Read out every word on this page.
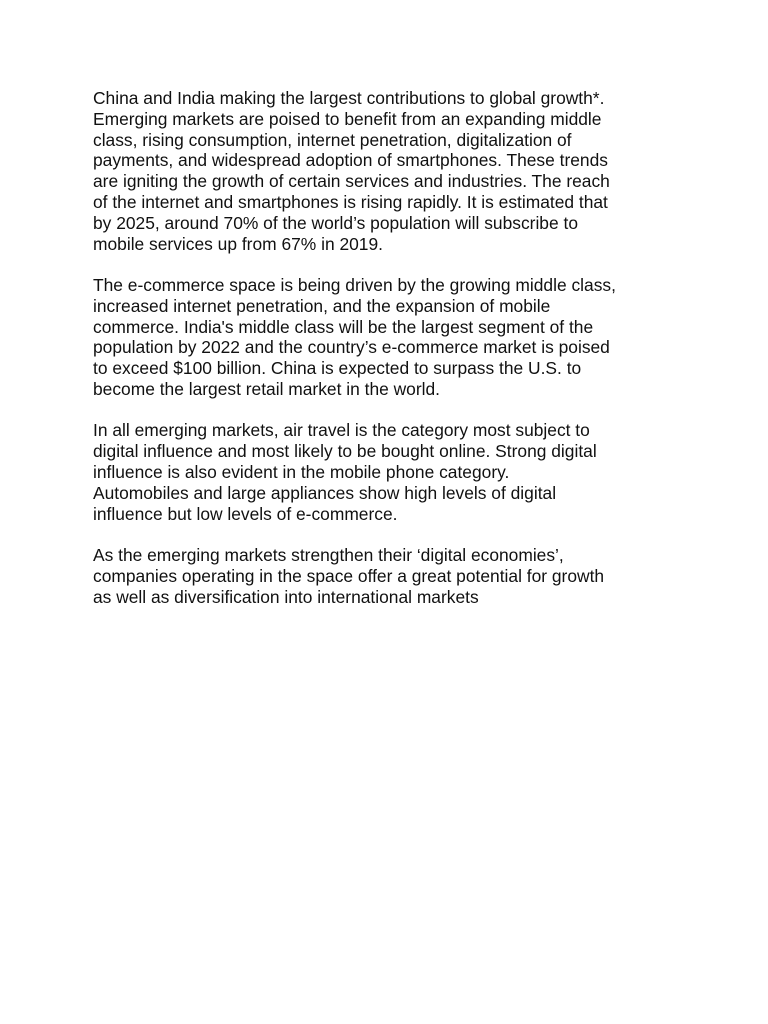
China and India making the largest contributions to global growth*.
Emerging markets are poised to benefit from an expanding middle
class, rising consumption, internet penetration, digitalization of
payments, and widespread adoption of smartphones. These trends
are igniting the growth of certain services and industries. The reach
of the internet and smartphones is rising rapidly. It is estimated that
by 2025, around 70% of the world’s population will subscribe to
mobile services up from 67% in 2019.

The e-commerce space is being driven by the growing middle class,
increased internet penetration, and the expansion of mobile
commerce. India's middle class will be the largest segment of the
population by 2022 and the country’s e-commerce market is poised
to exceed $100 billion. China is expected to surpass the U.S. to
become the largest retail market in the world.

In all emerging markets, air travel is the category most subject to
digital influence and most likely to be bought online. Strong digital
influence is also evident in the mobile phone category.
Automobiles and large appliances show high levels of digital
influence but low levels of e-commerce.

As the emerging markets strengthen their ‘digital economies’,
companies operating in the space offer a great potential for growth
as well as diversification into international markets
